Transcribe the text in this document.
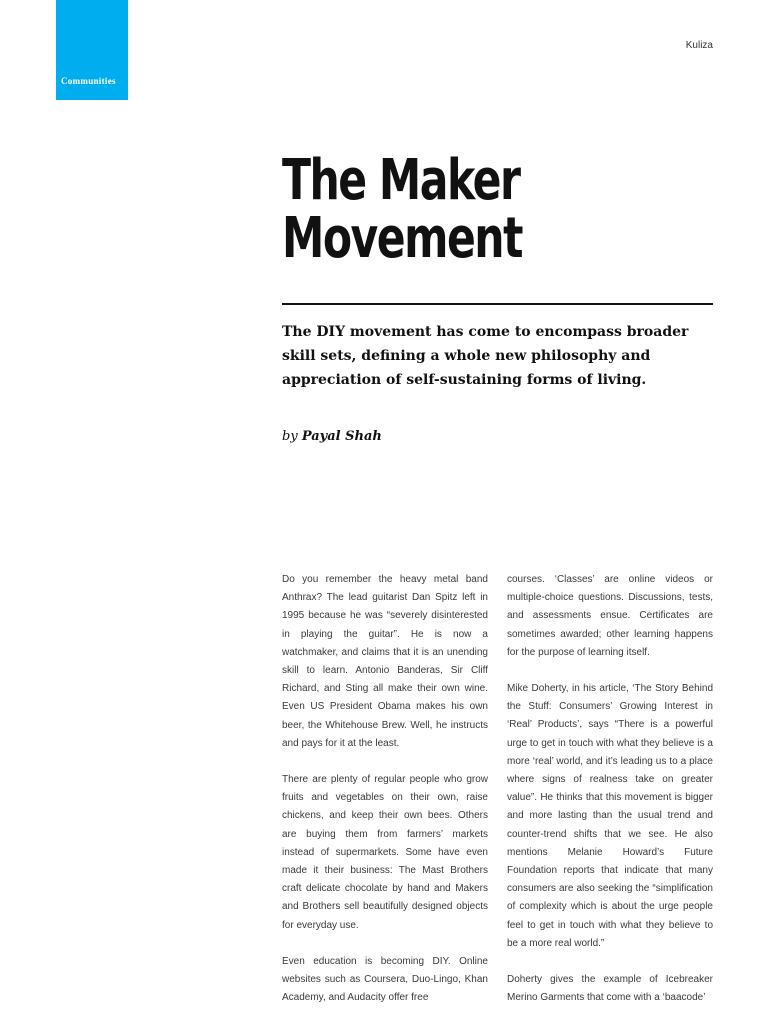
Communities
Kuliza
The Maker
Movement

The DIY movement has come to encompass broader skill sets, defining a whole new philosophy and appreciation of self-sustaining forms of living.

by Payal Shah

Do you remember the heavy metal band Anthrax? The lead guitarist Dan Spitz left in 1995 because he was “severely disinterested in playing the guitar”. He is now a watchmaker, and claims that it is an unending skill to learn. Antonio Banderas, Sir Cliff Richard, and Sting all make their own wine. Even US President Obama makes his own beer, the Whitehouse Brew. Well, he instructs and pays for it at the least.

There are plenty of regular people who grow fruits and vegetables on their own, raise chickens, and keep their own bees. Others are buying them from farmers’ markets instead of supermarkets. Some have even made it their business: The Mast Brothers craft delicate chocolate by hand and Makers and Brothers sell beautifully designed objects for everyday use.

Even education is becoming DIY. Online websites such as Coursera, Duo-Lingo, Khan Academy, and Audacity offer free

courses. ‘Classes’ are online videos or multiple-choice questions. Discussions, tests, and assessments ensue. Certificates are sometimes awarded; other learning happens for the purpose of learning itself.

Mike Doherty, in his article, ‘The Story Behind the Stuff: Consumers’ Growing Interest in ‘Real’ Products’, says “There is a powerful urge to get in touch with what they believe is a more ‘real’ world, and it’s leading us to a place where signs of realness take on greater value”. He thinks that this movement is bigger and more lasting than the usual trend and counter-trend shifts that we see. He also mentions Melanie Howard’s Future Foundation reports that indicate that many consumers are also seeking the “simplification of complexity which is about the urge people feel to get in touch with what they believe to be a more real world.”

Doherty gives the example of Icebreaker Merino Garments that come with a ‘baacode’
